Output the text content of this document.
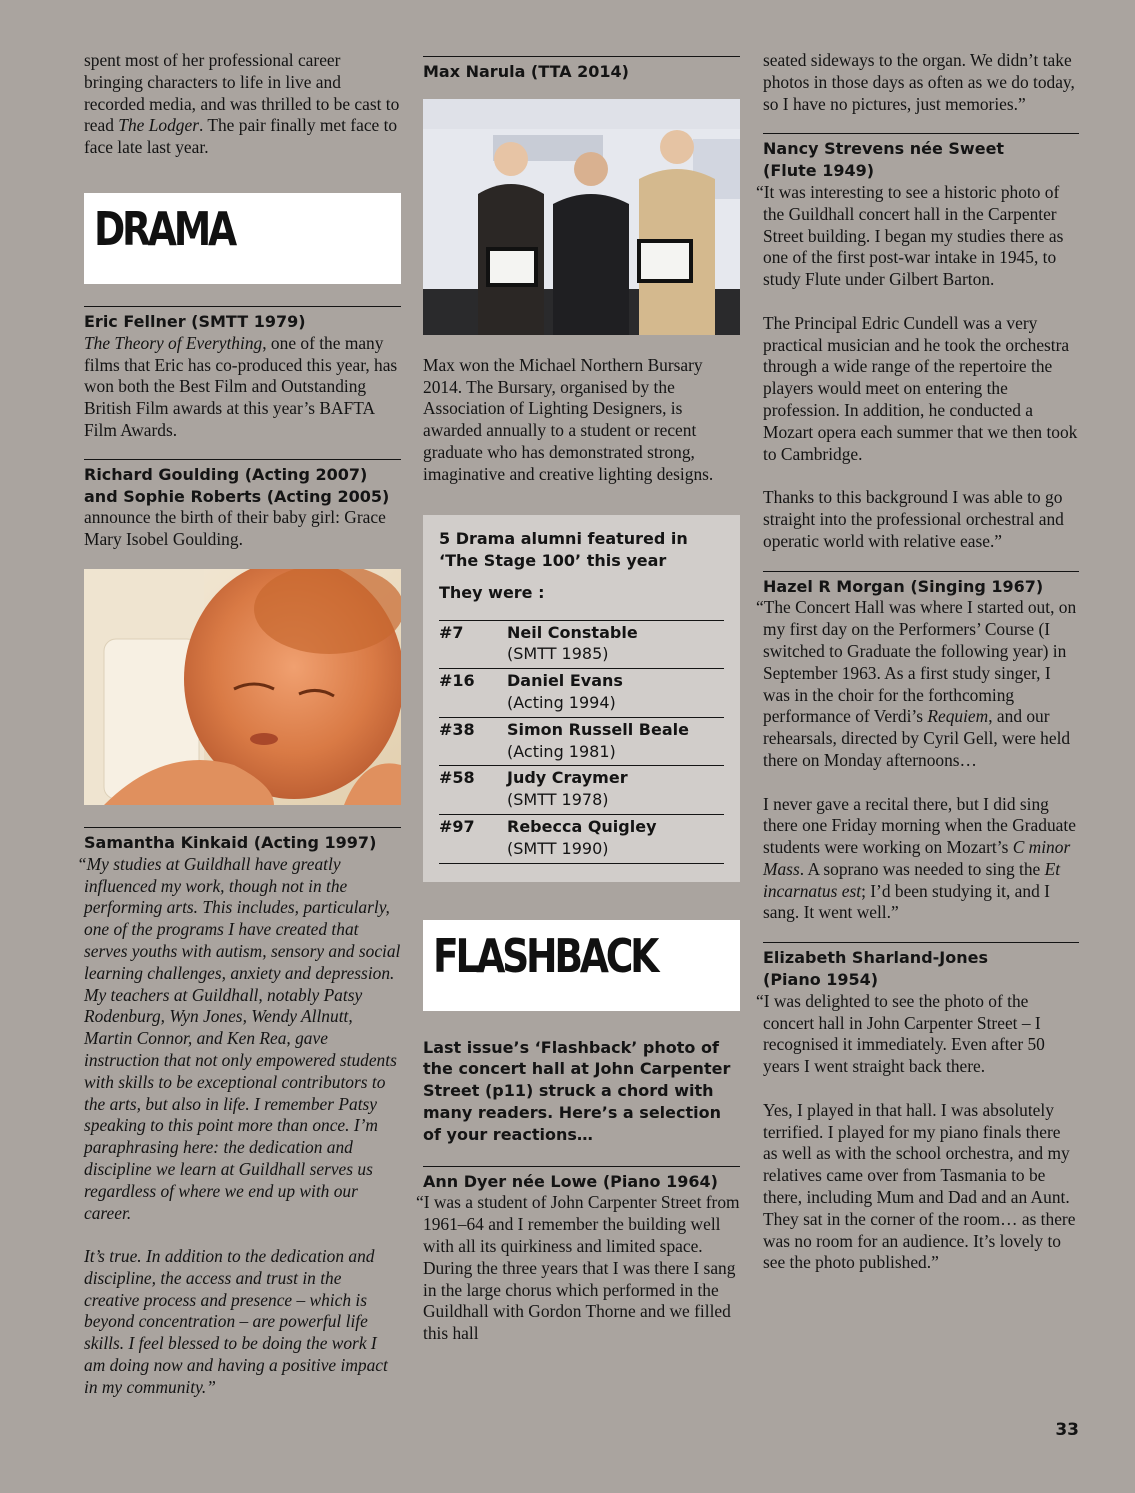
spent most of her professional career bringing characters to life in live and recorded media, and was thrilled to be cast to read The Lodger. The pair finally met face to face late last year.

DRAMA

Eric Fellner (SMTT 1979)

The Theory of Everything, one of the many films that Eric has co-produced this year, has won both the Best Film and Outstanding British Film awards at this year’s BAFTA Film Awards.

Richard Goulding (Acting 2007)
and Sophie Roberts (Acting 2005)

announce the birth of their baby girl: Grace Mary Isobel Goulding.

Samantha Kinkaid (Acting 1997)

“My studies at Guildhall have greatly influenced my work, though not in the performing arts. This includes, particularly, one of the programs I have created that serves youths with autism, sensory and social learning challenges, anxiety and depression. My teachers at Guildhall, notably Patsy Rodenburg, Wyn Jones, Wendy Allnutt, Martin Connor, and Ken Rea, gave instruction that not only empowered students with skills to be exceptional contributors to the arts, but also in life. I remember Patsy speaking to this point more than once. I’m paraphrasing here: the dedication and discipline we learn at Guildhall serves us regardless of where we end up with our career.

It’s true. In addition to the dedication and discipline, the access and trust in the creative process and presence – which is beyond concentration – are powerful life skills. I feel blessed to be doing the work I am doing now and having a positive impact in my community.”

Max Narula (TTA 2014)

Max won the Michael Northern Bursary 2014. The Bursary, organised by the Association of Lighting Designers, is awarded annually to a student or recent graduate who has demonstrated strong, imaginative and creative lighting designs.

5 Drama alumni featured in ‘The Stage 100’ this year

They were :

#7	Neil Constable
(SMTT 1985)
#16	Daniel Evans
(Acting 1994)
#38	Simon Russell Beale
(Acting 1981)
#58	Judy Craymer
(SMTT 1978)
#97	Rebecca Quigley
(SMTT 1990)
FLASHBACK

Last issue’s ‘Flashback’ photo of the concert hall at John Carpenter Street (p11) struck a chord with many readers. Here’s a selection of your reactions…

Ann Dyer née Lowe (Piano 1964)

“I was a student of John Carpenter Street from 1961–64 and I remember the building well with all its quirkiness and limited space. During the three years that I was there I sang in the large chorus which performed in the Guildhall with Gordon Thorne and we filled this hall

seated sideways to the organ. We didn’t take photos in those days as often as we do today, so I have no pictures, just memories.”

Nancy Strevens née Sweet
(Flute 1949)

“It was interesting to see a historic photo of the Guildhall concert hall in the Carpenter Street building. I began my studies there as one of the first post-war intake in 1945, to study Flute under Gilbert Barton.

The Principal Edric Cundell was a very practical musician and he took the orchestra through a wide range of the repertoire the players would meet on entering the profession. In addition, he conducted a Mozart opera each summer that we then took to Cambridge.

Thanks to this background I was able to go straight into the professional orchestral and operatic world with relative ease.”

Hazel R Morgan (Singing 1967)

“The Concert Hall was where I started out, on my first day on the Performers’ Course (I switched to Graduate the following year) in September 1963. As a first study singer, I was in the choir for the forthcoming performance of Verdi’s Requiem, and our rehearsals, directed by Cyril Gell, were held there on Monday afternoons…

I never gave a recital there, but I did sing there one Friday morning when the Graduate students were working on Mozart’s C minor Mass. A soprano was needed to sing the Et incarnatus est; I’d been studying it, and I sang. It went well.”

Elizabeth Sharland-Jones
(Piano 1954)

“I was delighted to see the photo of the concert hall in John Carpenter Street – I recognised it immediately. Even after 50 years I went straight back there.

Yes, I played in that hall. I was absolutely terrified. I played for my piano finals there as well as with the school orchestra, and my relatives came over from Tasmania to be there, including Mum and Dad and an Aunt. They sat in the corner of the room… as there was no room for an audience. It’s lovely to see the photo published.”

33
